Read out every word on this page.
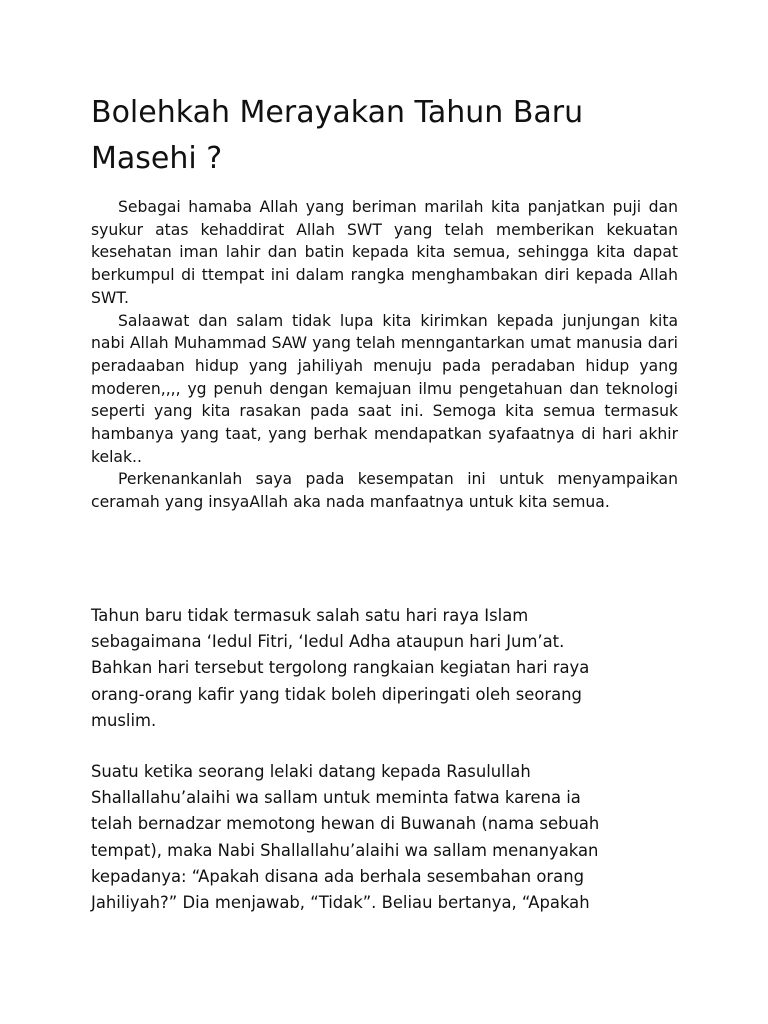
Bolehkah Merayakan Tahun Baru Masehi ?

Sebagai hamaba Allah yang beriman marilah kita panjatkan puji dan syukur atas kehaddirat Allah SWT yang telah memberikan kekuatan kesehatan iman lahir dan batin kepada kita semua, sehingga kita dapat berkumpul di ttempat ini dalam rangka menghambakan diri kepada Allah SWT.

Salaawat dan salam tidak lupa kita kirimkan kepada junjungan kita nabi Allah Muhammad SAW yang telah menngantarkan umat manusia dari peradaaban hidup yang jahiliyah menuju pada peradaban hidup yang moderen,,,, yg penuh dengan kemajuan ilmu pengetahuan dan teknologi seperti yang kita rasakan pada saat ini. Semoga kita semua termasuk hambanya yang taat, yang berhak mendapatkan syafaatnya di hari akhir kelak..

Perkenankanlah saya pada kesempatan ini untuk menyampaikan ceramah yang insyaAllah aka nada manfaatnya untuk kita semua.

Tahun baru tidak termasuk salah satu hari raya Islam

sebagaimana ‘Iedul Fitri, ‘Iedul Adha ataupun hari Jum’at.

Bahkan hari tersebut tergolong rangkaian kegiatan hari raya

orang-orang kafir yang tidak boleh diperingati oleh seorang

muslim.

Suatu ketika seorang lelaki datang kepada Rasulullah

Shallallahu’alaihi wa sallam untuk meminta fatwa karena ia

telah bernadzar memotong hewan di Buwanah (nama sebuah

tempat), maka Nabi Shallallahu’alaihi wa sallam menanyakan

kepadanya: “Apakah disana ada berhala sesembahan orang

Jahiliyah?” Dia menjawab, “Tidak”. Beliau bertanya, “Apakah
